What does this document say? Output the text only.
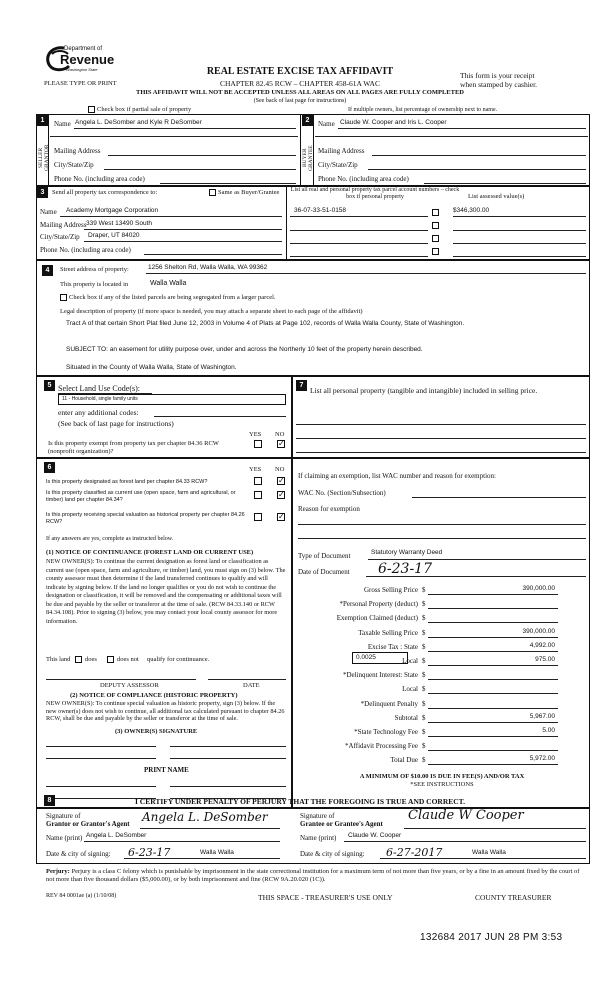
Department of
Revenue
Washington State
PLEASE TYPE OR PRINT
REAL ESTATE EXCISE TAX AFFIDAVIT
CHAPTER 82.45 RCW – CHAPTER 458-61A WAC
THIS AFFIDAVIT WILL NOT BE ACCEPTED UNLESS ALL AREAS ON ALL PAGES ARE FULLY COMPLETED
(See back of last page for instructions)
This form is your receipt
when stamped by cashier.
Check box if partial sale of property	If multiple owners, list percentage of ownership next to name.
1	2
SELLER GRANTOR	BUYER GRANTEE
Name Angela L. DeSomber and Kyle R DeSomber
Mailing Address
City/State/Zip
Phone No. (including area code)
Name Claude W. Cooper and Iris L. Cooper
Mailing Address
City/State/Zip
Phone No. (including area code)
3	Send all property tax correspondence to:	Same as Buyer/Grantee
Name Academy Mortgage Corporation
Mailing Address 339 West 13490 South
City/State/Zip Draper, UT 84020
Phone No. (including area code)
List all real and personal property tax parcel account numbers – check box if personal property	List assessed value(s)
36-07-33-51-0158	$346,300.00
4	Street address of property:	1256 Shelton Rd, Walla Walla, WA 99362
This property is located in	Walla Walla
Check box if any of the listed parcels are being segregated from a larger parcel.
Legal description of property (if more space is needed, you may attach a separate sheet to each page of the affidavit)
Tract A of that certain Short Plat filed June 12, 2003 in Volume 4 of Plats at Page 102, records of Walla Walla County, State of Washington.
SUBJECT TO: an easement for utility purpose over, under and across the Northerly 10 feet of the property herein described.
Situated in the County of Walla Walla, State of Washington.
5 Select Land Use Code(s):
11 - Household, single family units
enter any additional codes:
(See back of last page for instructions)
YES NO
Is this property exempt from property tax per chapter 84.36 RCW (nonprofit organization)?
✓
7
List all personal property (tangible and intangible) included in selling price.
6	YES NO
Is this property designated as forest land per chapter 84.33 RCW?	✓
Is this property classified as current use (open space, farm and agricultural, or timber) land per chapter 84.34?
✓
Is this property receiving special valuation as historical property per chapter 84.26 RCW?
✓
If any answers are yes, complete as instructed below.
(1) NOTICE OF CONTINUANCE (FOREST LAND OR CURRENT USE)
NEW OWNER(S): To continue the current designation as forest land or classification as current use (open space, farm and agriculture, or timber) land, you must sign on (3) below. The county assessor must then determine if the land transferred continues to qualify and will indicate by signing below. If the land no longer qualifies or you do not wish to continue the designation or classification, it will be removed and the compensating or additional taxes will be due and payable by the seller or transferor at the time of sale. (RCW 84.33.140 or RCW 84.34.108). Prior to signing (3) below, you may contact your local county assessor for more information.
This land does	does not qualify for continuance.
DEPUTY ASSESSOR	DATE
(2) NOTICE OF COMPLIANCE (HISTORIC PROPERTY)
NEW OWNER(S): To continue special valuation as historic property, sign (3) below. If the new owner(s) does not wish to continue, all additional tax calculated pursuant to chapter 84.26 RCW, shall be due and payable by the seller or transferor at the time of sale.
(3) OWNER(S) SIGNATURE
PRINT NAME
If claiming an exemption, list WAC number and reason for exemption:
WAC No. (Section/Subsection)
Reason for exemption
Type of Document	Statutory Warranty Deed
Date of Document 6-23-17
Gross Selling Price $	390,000.00
*Personal Property (deduct) $
Exemption Claimed (deduct) $
Taxable Selling Price $	390,000.00
Excise Tax : State $	4,992.00
Local $	975.00
*Delinquent Interest: State $
Local $
*Delinquent Penalty $
Subtotal $	5,967.00
*State Technology Fee $	5.00
*Affidavit Processing Fee $
Total Due $	5,972.00
0.0025
A MINIMUM OF $10.00 IS DUE IN FEE(S) AND/OR TAX
*SEE INSTRUCTIONS
8	I CERTIFY UNDER PENALTY OF PERJURY THAT THE FOREGOING IS TRUE AND CORRECT.
Signature of
Grantor or Grantor's Agent Angela L. DeSomber
Name (print) Angela L. DeSomber
Date & city of signing: 6-23-17	Walla Walla
Signature of
Grantee or Grantee's Agent
Claude W Cooper
Name (print) Claude W. Cooper
Date & city of signing: 6-27-2017	Walla Walla
Perjury: Perjury is a class C felony which is punishable by imprisonment in the state correctional institution for a maximum term of not more than five years, or by a fine in an amount fixed by the court of not more than five thousand dollars ($5,000.00), or by both imprisonment and fine (RCW 9A.20.020 (1C)).
REV 84 0001ae (a) (1/10/08)	THIS SPACE - TREASURER'S USE ONLY	COUNTY TREASURER
132684 2017 JUN 28 PM 3:53
